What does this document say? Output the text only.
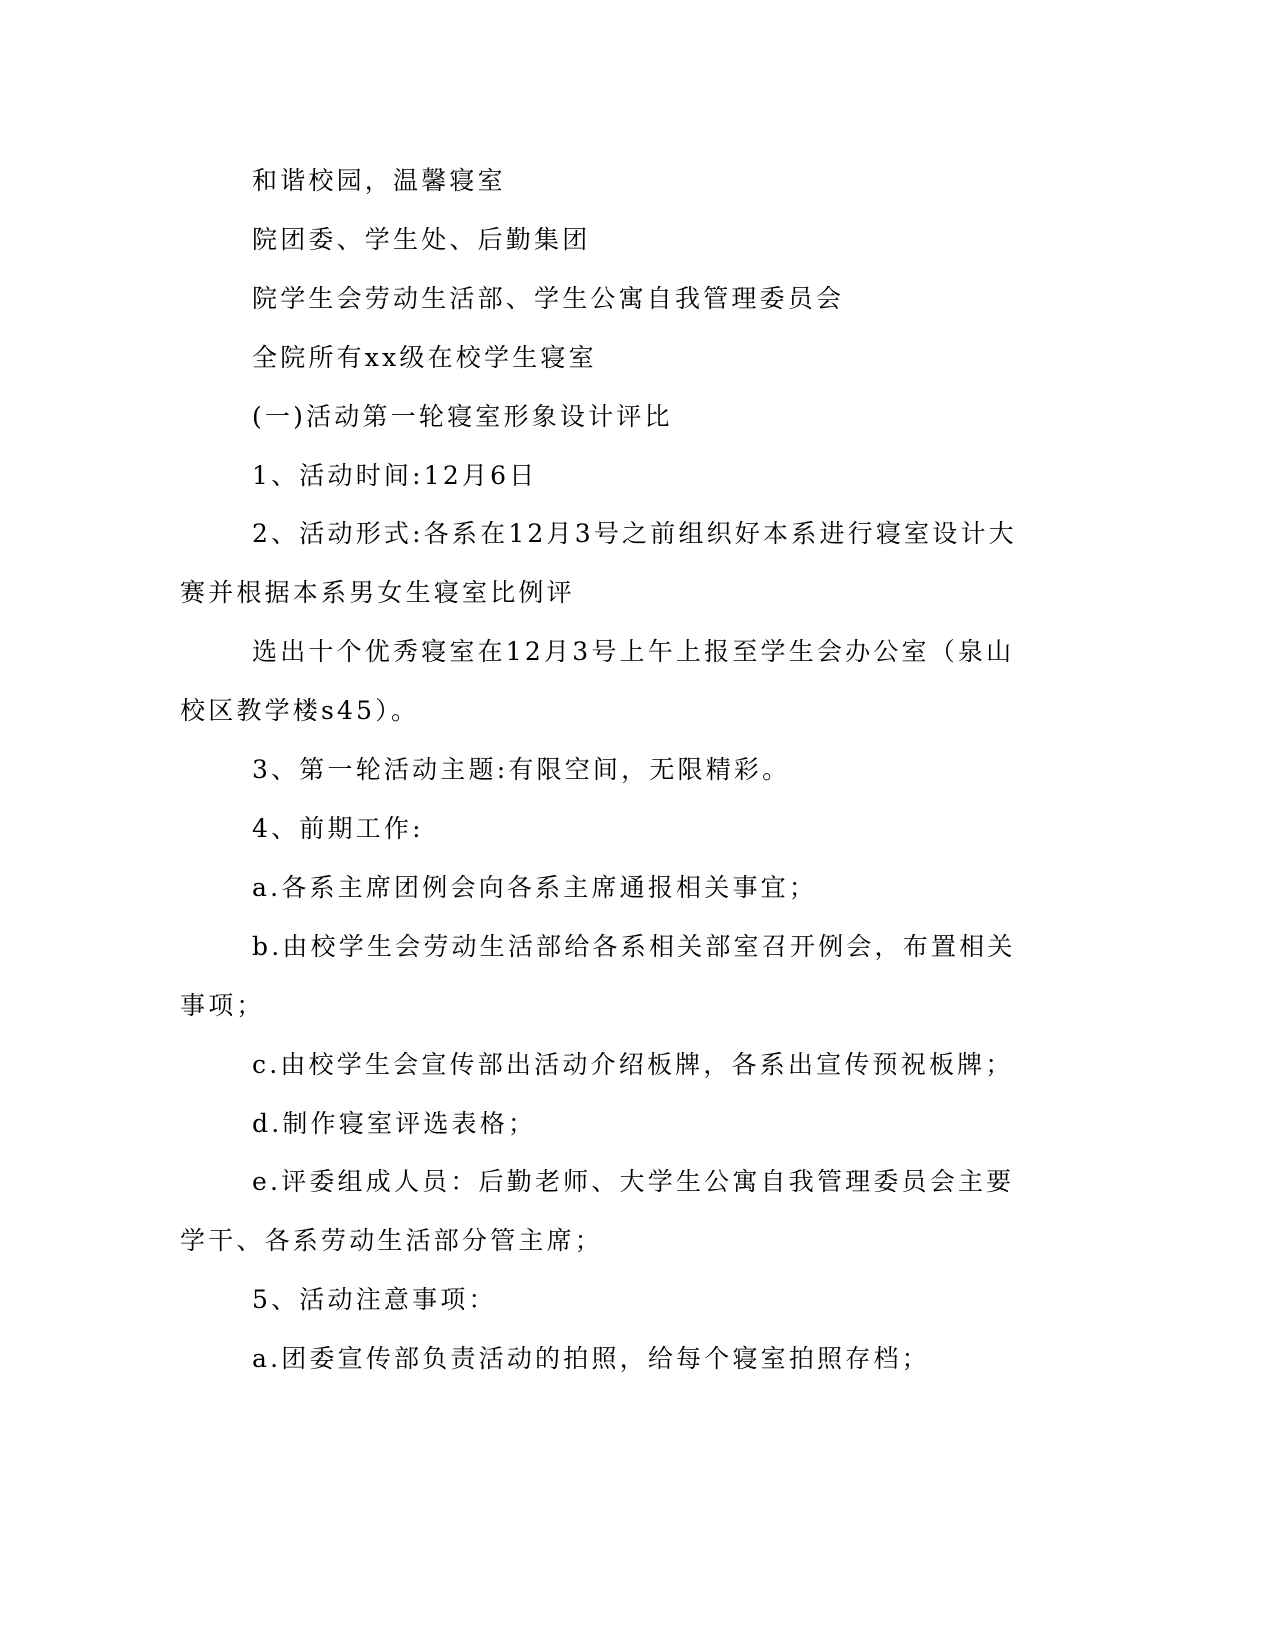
和谐校园，温馨寝室

院团委、学生处、后勤集团

院学生会劳动生活部、学生公寓自我管理委员会

全院所有xx级在校学生寝室

(一)活动第一轮寝室形象设计评比

1、活动时间:12月6日

2、活动形式:各系在12月3号之前组织好本系进行寝室设计大赛并根据本系男女生寝室比例评

选出十个优秀寝室在12月3号上午上报至学生会办公室（泉山校区教学楼s45）。

3、第一轮活动主题:有限空间，无限精彩。

4、前期工作:

a.各系主席团例会向各系主席通报相关事宜；

b.由校学生会劳动生活部给各系相关部室召开例会，布置相关事项；

c.由校学生会宣传部出活动介绍板牌，各系出宣传预祝板牌；

d.制作寝室评选表格；

e.评委组成人员：后勤老师、大学生公寓自我管理委员会主要学干、各系劳动生活部分管主席；

5、活动注意事项：

a.团委宣传部负责活动的拍照，给每个寝室拍照存档；
